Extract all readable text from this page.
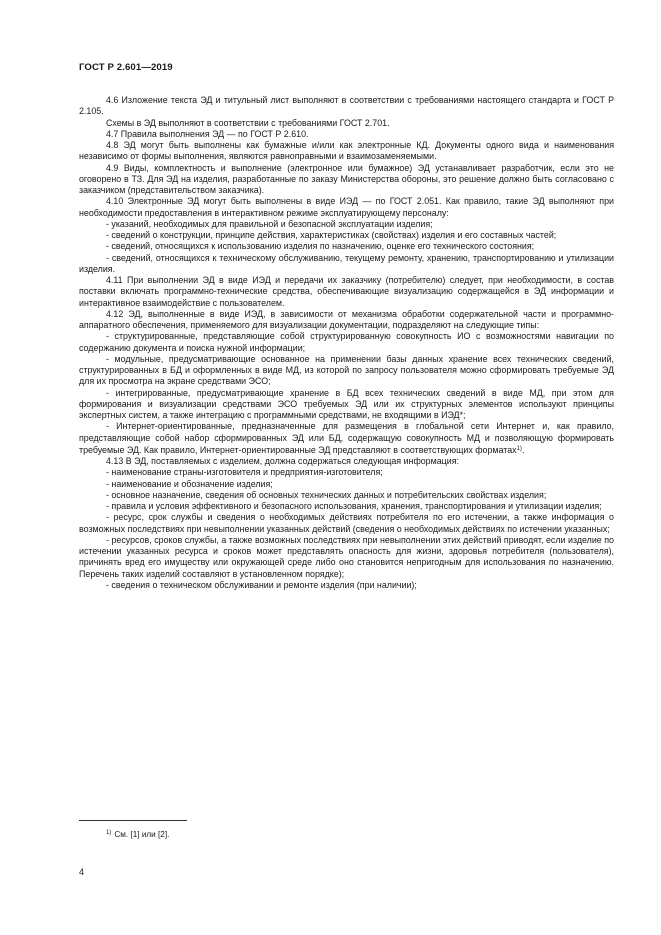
ГОСТ Р 2.601—2019

4.6 Изложение текста ЭД и титульный лист выполняют в соответствии с требованиями настоящего стандарта и ГОСТ Р 2.105.

Схемы в ЭД выполняют в соответствии с требованиями ГОСТ 2.701.

4.7 Правила выполнения ЭД — по ГОСТ Р 2.610.

4.8 ЭД могут быть выполнены как бумажные и/или как электронные КД. Документы одного вида и наименования независимо от формы выполнения, являются равноправными и взаимозаменяемыми.

4.9 Виды, комплектность и выполнение (электронное или бумажное) ЭД устанавливает разработчик, если это не оговорено в ТЗ. Для ЭД на изделия, разработанные по заказу Министерства обороны, это решение должно быть согласовано с заказчиком (представительством заказчика).

4.10 Электронные ЭД могут быть выполнены в виде ИЭД — по ГОСТ 2.051. Как правило, такие ЭД выполняют при необходимости предоставления в интерактивном режиме эксплуатирующему персоналу:

- указаний, необходимых для правильной и безопасной эксплуатации изделия;

- сведений о конструкции, принципе действия, характеристиках (свойствах) изделия и его составных частей;

- сведений, относящихся к использованию изделия по назначению, оценке его технического состояния;

- сведений, относящихся к техническому обслуживанию, текущему ремонту, хранению, транспортированию и утилизации изделия.

4.11 При выполнении ЭД в виде ИЭД и передачи их заказчику (потребителю) следует, при необходимости, в состав поставки включать программно-технические средства, обеспечивающие визуализацию содержащейся в ЭД информации и интерактивное взаимодействие с пользователем.

4.12 ЭД, выполненные в виде ИЭД, в зависимости от механизма обработки содержательной части и программно-аппаратного обеспечения, применяемого для визуализации документации, подразделяют на следующие типы:

- структурированные, представляющие собой структурированную совокупность ИО с возможностями навигации по содержанию документа и поиска нужной информации;

- модульные, предусматривающие основанное на применении базы данных хранение всех технических сведений, структурированных в БД и оформленных в виде МД, из которой по запросу пользователя можно сформировать требуемые ЭД для их просмотра на экране средствами ЭСО;

- интегрированные, предусматривающие хранение в БД всех технических сведений в виде МД, при этом для формирования и визуализации средствами ЭСО требуемых ЭД или их структурных элементов используют принципы экспертных систем, а также интеграцию с программными средствами, не входящими в ИЭД*;

- Интернет-ориентированные, предназначенные для размещения в глобальной сети Интернет и, как правило, представляющие собой набор сформированных ЭД или БД, содержащую совокупность МД и позволяющую формировать требуемые ЭД. Как правило, Интернет-ориентированные ЭД представляют в соответствующих форматах$^{1)}$.

4.13 В ЭД, поставляемых с изделием, должна содержаться следующая информация:

- наименование страны-изготовителя и предприятия-изготовителя;

- наименование и обозначение изделия;

- основное назначение, сведения об основных технических данных и потребительских свойствах изделия;

- правила и условия эффективного и безопасного использования, хранения, транспортирования и утилизации изделия;

- ресурс, срок службы и сведения о необходимых действиях потребителя по его истечении, а также информация о возможных последствиях при невыполнении указанных действий (сведения о необходимых действиях по истечении указанных;

- ресурсов, сроков службы, а также возможных последствиях при невыполнении этих действий приводят, если изделие по истечении указанных ресурса и сроков может представлять опасность для жизни, здоровья потребителя (пользователя), причинять вред его имуществу или окружающей среде либо оно становится непригодным для использования по назначению. Перечень таких изделий составляют в установленном порядке);

- сведения о техническом обслуживании и ремонте изделия (при наличии);

$^{1)}$ См. [1] или [2].
4
